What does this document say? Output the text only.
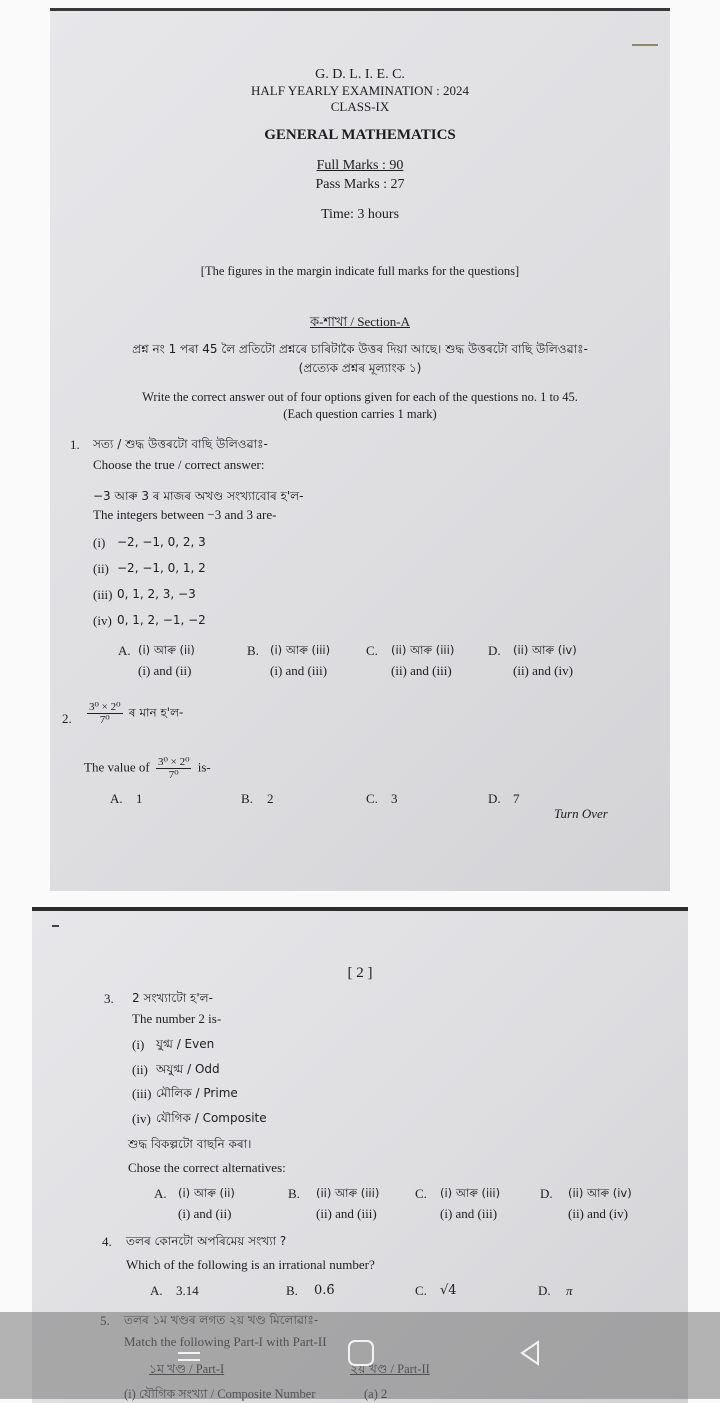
G. D. L. I. E. C.
HALF YEARLY EXAMINATION : 2024
CLASS-IX
GENERAL MATHEMATICS
Full Marks : 90
Pass Marks : 27
Time: 3 hours
[The figures in the margin indicate full marks for the questions]
ক-শাখা / Section-A
প্ৰশ্ন নং 1 পৰা 45 লৈ প্ৰতিটো প্ৰশ্নৰে চাৰিটাকৈ উত্তৰ দিয়া আছে। শুদ্ধ উত্তৰটো বাছি উলিওৱাঃ-
(প্ৰত্যেক প্ৰশ্নৰ মূল্যাংক ১)
Write the correct answer out of four options given for each of the questions no. 1 to 45.
(Each question carries 1 mark)
1. সত্য / শুদ্ধ উত্তৰটো বাছি উলিওৱাঃ-
Choose the true / correct answer:
−3 আৰু 3 ৰ মাজৰ অখণ্ড সংখ্যাবোৰ হ'ল-
The integers between −3 and 3 are-
(i) −2, −1, 0, 2, 3
(ii) −2, −1, 0, 1, 2
(iii) 0, 1, 2, 3, −3
(iv) 0, 1, 2, −1, −2
A. (i) আৰু (ii)
(i) and (ii)
B. (i) আৰু (iii)
(i) and (iii)
C. (ii) আৰু (iii)
(ii) and (iii)
D. (ii) আৰু (iv)
(ii) and (iv)
2. $\frac{\text{3⁰ × 2⁰}}{\text{7⁰}}$ ৰ মান হ'ল-
The value of $\frac{\text{3⁰ × 2⁰}}{\text{7⁰}} is-$
A. 1	B. 2	C. 3	D. 7
Turn Over
[ 2 ]
3. 2 সংখ্যাটো হ'ল-
The number 2 is-
(i) যুগ্ম / Even
(ii) অযুগ্ম / Odd
(iii) মৌলিক / Prime
(iv) যৌগিক / Composite
শুদ্ধ বিকল্পটো বাছনি কৰা।
Chose the correct alternatives:
A. (i) আৰু (ii)
(i) and (ii)
B. (ii) আৰু (iii)
(ii) and (iii)
C. (i) আৰু (iii)
(i) and (iii)
D. (ii) আৰু (iv)
(ii) and (iv)
4. তলৰ কোনটো অপৰিমেয় সংখ্যা ?
Which of the following is an irrational number?
A. 3.14	B. 0.6̄	C. √4	D. π
